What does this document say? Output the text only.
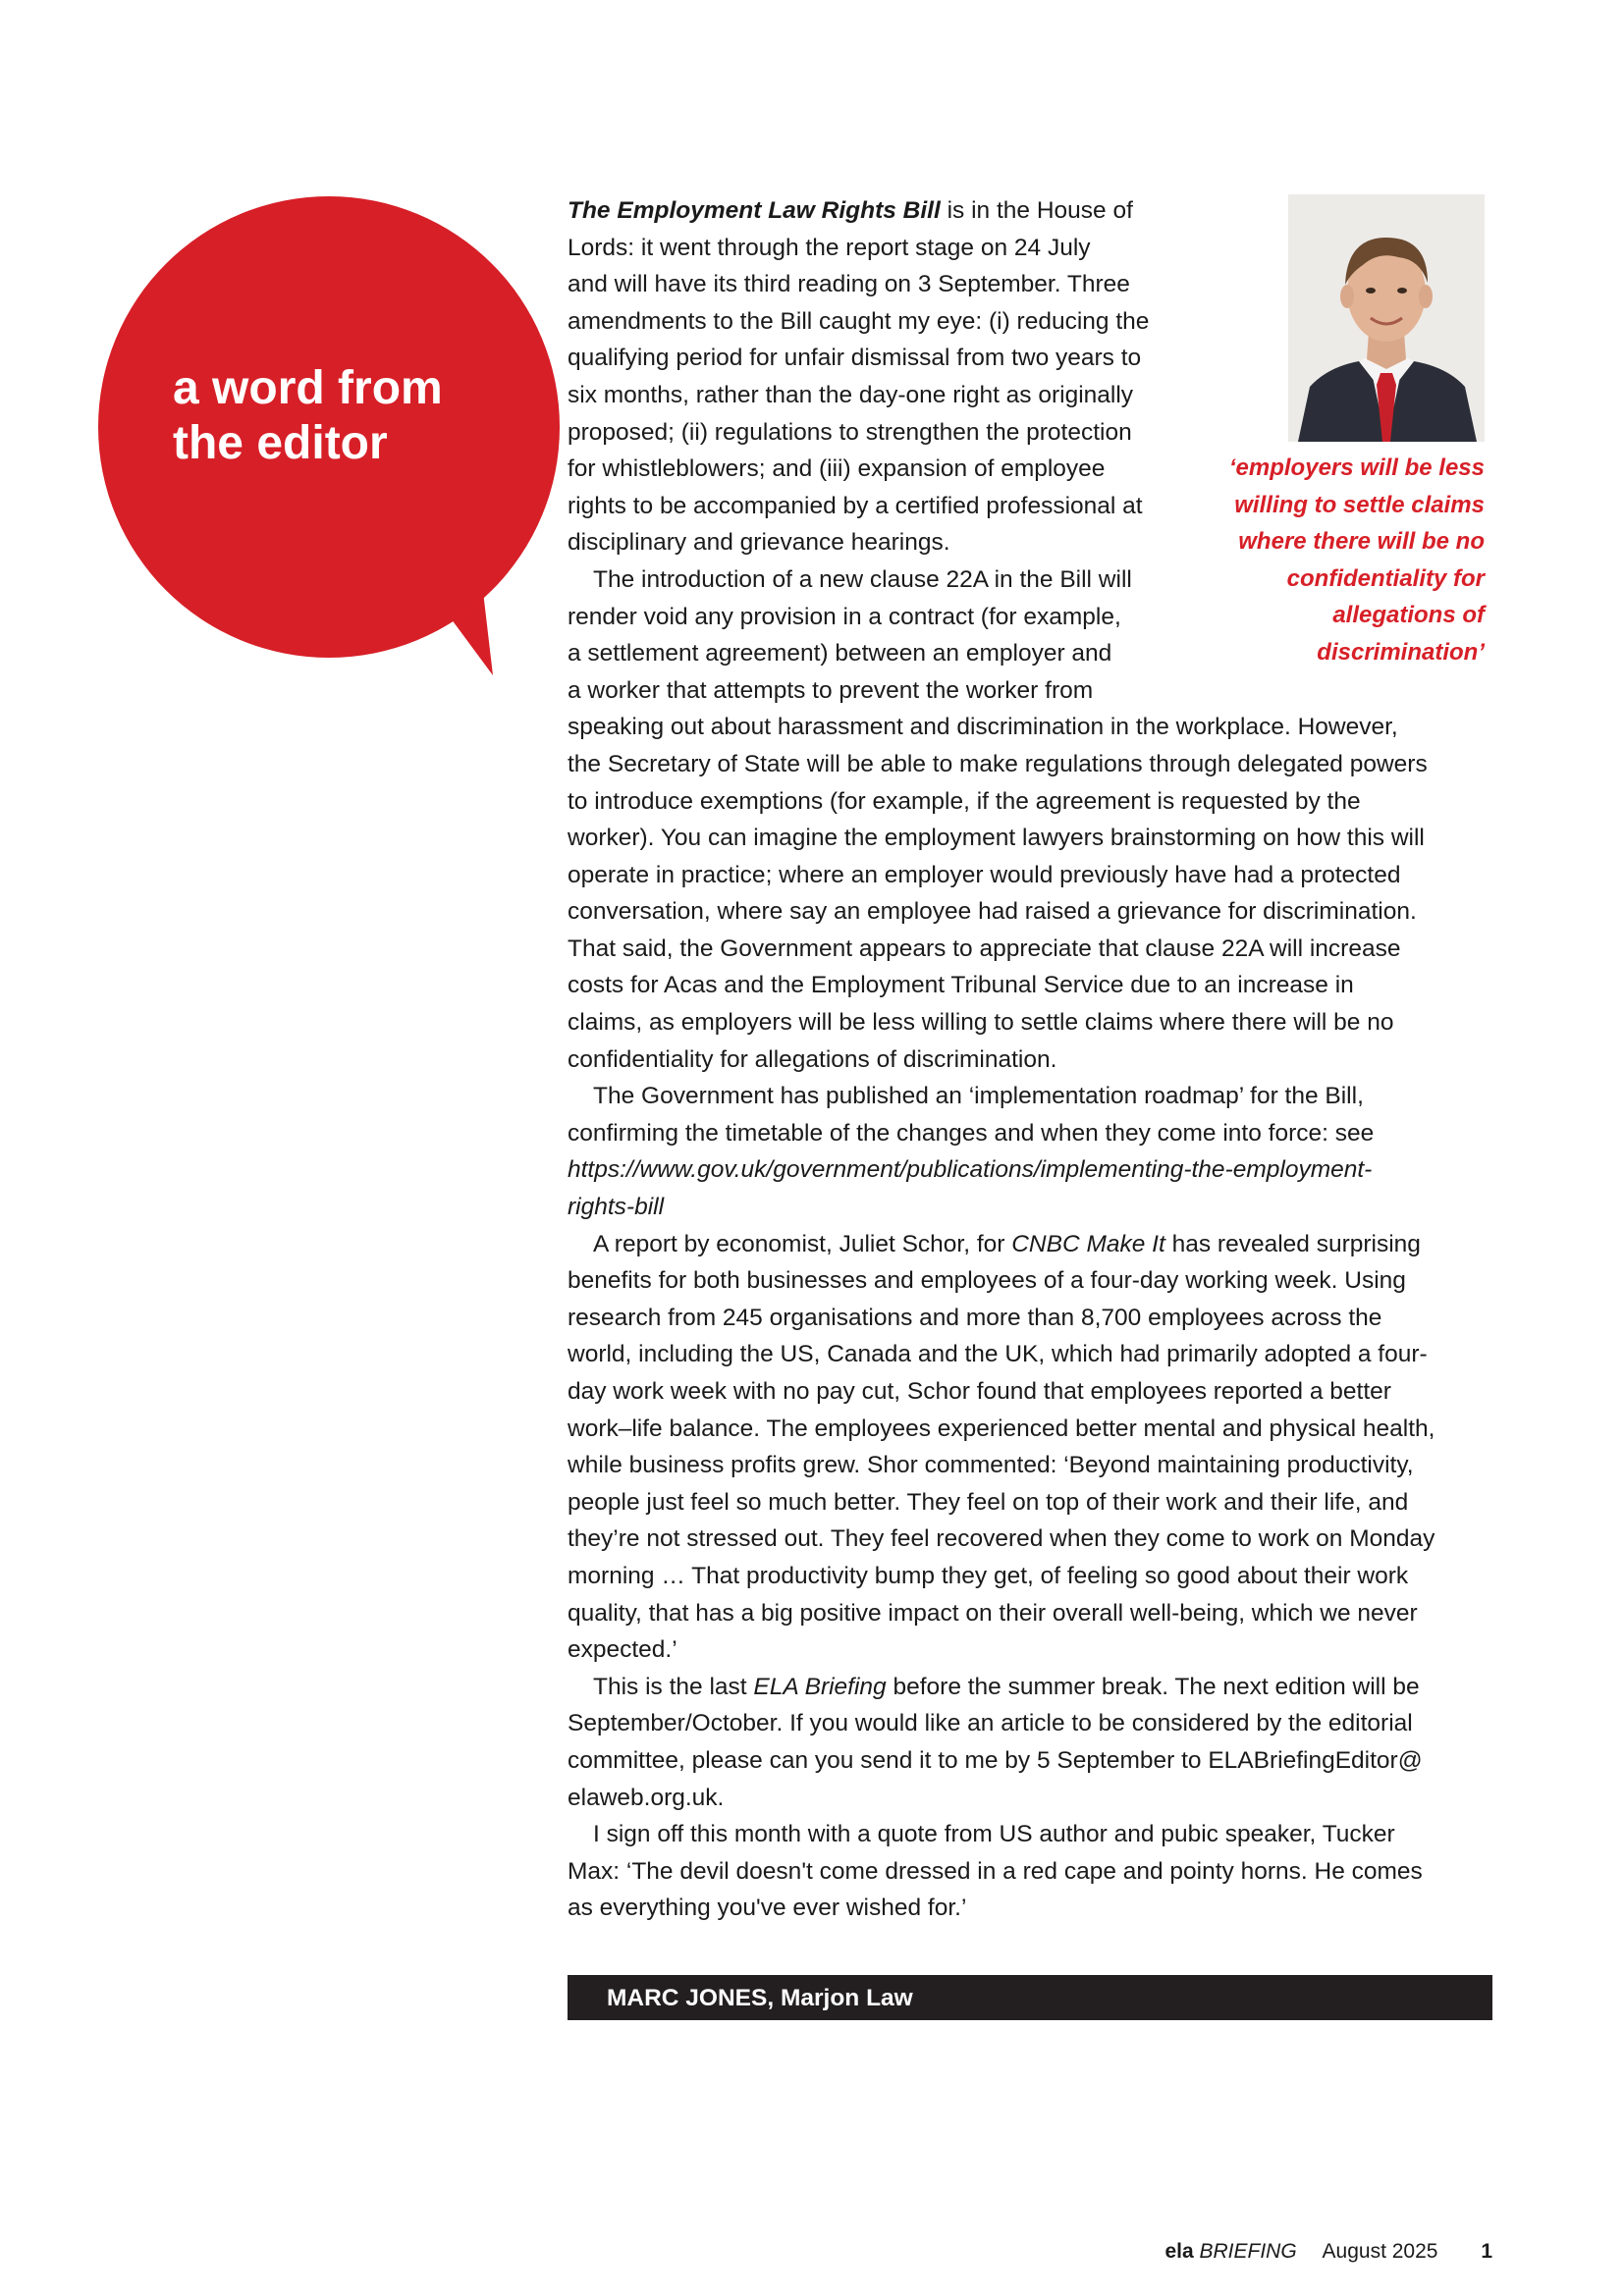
a word from
the editor	‘employers will be less
willing to settle claims
where there will be no
confidentiality for
allegations of
discrimination’
The Employment Law Rights Bill is in the House of
Lords: it went through the report stage on 24 July
and will have its third reading on 3 September. Three
amendments to the Bill caught my eye: (i) reducing the
qualifying period for unfair dismissal from two years to
six months, rather than the day-one right as originally
proposed; (ii) regulations to strengthen the protection
for whistleblowers; and (iii) expansion of employee
rights to be accompanied by a certified professional at
disciplinary and grievance hearings.
The introduction of a new clause 22A in the Bill will
render void any provision in a contract (for example,
a settlement agreement) between an employer and
a worker that attempts to prevent the worker from
speaking out about harassment and discrimination in the workplace. However,
the Secretary of State will be able to make regulations through delegated powers
to introduce exemptions (for example, if the agreement is requested by the
worker). You can imagine the employment lawyers brainstorming on how this will
operate in practice; where an employer would previously have had a protected
conversation, where say an employee had raised a grievance for discrimination.
That said, the Government appears to appreciate that clause 22A will increase
costs for Acas and the Employment Tribunal Service due to an increase in
claims, as employers will be less willing to settle claims where there will be no
confidentiality for allegations of discrimination.
The Government has published an ‘implementation roadmap’ for the Bill,
confirming the timetable of the changes and when they come into force: see
https://www.gov.uk/government/publications/implementing-the-employment-
rights-bill
A report by economist, Juliet Schor, for CNBC Make It has revealed surprising
benefits for both businesses and employees of a four-day working week. Using
research from 245 organisations and more than 8,700 employees across the
world, including the US, Canada and the UK, which had primarily adopted a four-
day work week with no pay cut, Schor found that employees reported a better
work–life balance. The employees experienced better mental and physical health,
while business profits grew. Shor commented: ‘Beyond maintaining productivity,
people just feel so much better. They feel on top of their work and their life, and
they’re not stressed out. They feel recovered when they come to work on Monday
morning … That productivity bump they get, of feeling so good about their work
quality, that has a big positive impact on their overall well-being, which we never
expected.’
This is the last ELA Briefing before the summer break. The next edition will be
September/October. If you would like an article to be considered by the editorial
committee, please can you send it to me by 5 September to ELABriefingEditor@
elaweb.org.uk.
I sign off this month with a quote from US author and pubic speaker, Tucker
Max: ‘The devil doesn't come dressed in a red cape and pointy horns. He comes
as everything you've ever wished for.’
MARC JONES, Marjon Law
ela BRIEFING August 2025 1
